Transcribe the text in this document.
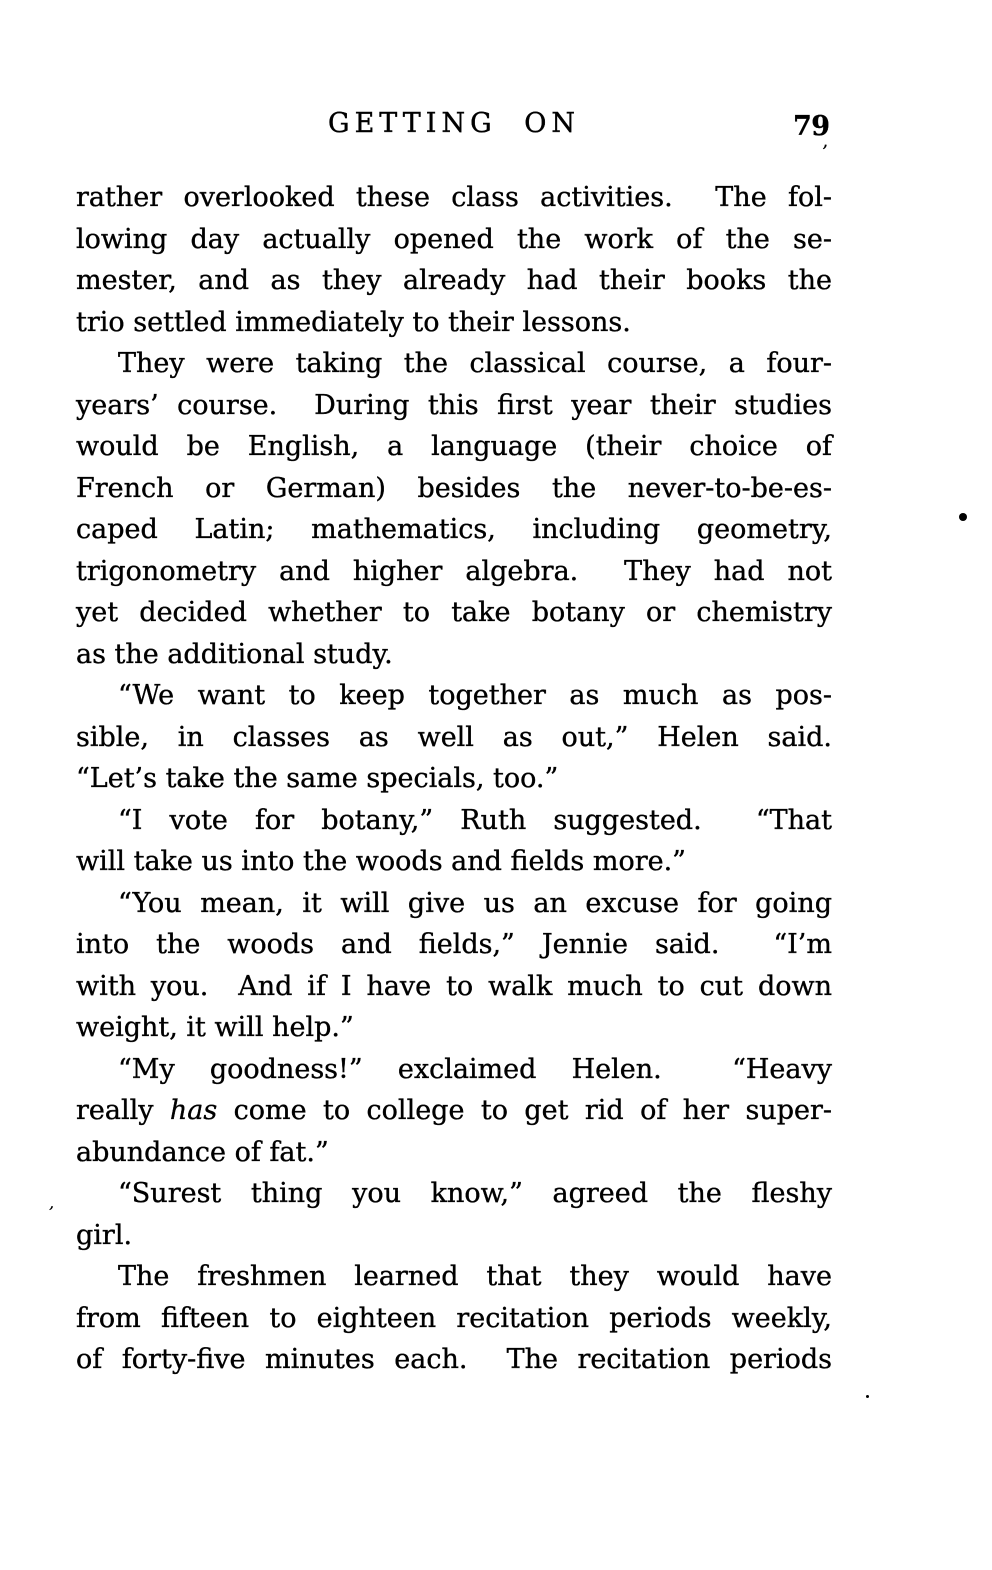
GETTING ON	79
’
rather overlooked these class activities.  The fol-
lowing day actually opened the work of the se-
mester, and as they already had their books the
trio settled immediately to their lessons.
They were taking the classical course, a four-
years’ course.  During this first year their studies
would be English, a language (their choice of
French or German) besides the never-to-be-es-
caped Latin; mathematics, including geometry,
trigonometry and higher algebra.  They had not
yet decided whether to take botany or chemistry
as the additional study.
“We want to keep together as much as pos-
sible, in classes as well as out,” Helen said.
“Let’s take the same specials, too.”
“I vote for botany,” Ruth suggested.  “That
will take us into the woods and fields more.”
“You mean, it will give us an excuse for going
into the woods and fields,” Jennie said.  “I’m
with you.  And if I have to walk much to cut down
weight, it will help.”
“My goodness!” exclaimed Helen.  “Heavy
really has come to college to get rid of her super-
abundance of fat.”
“Surest thing you know,” agreed the fleshy
girl.
The freshmen learned that they would have
from fifteen to eighteen recitation periods weekly,
of forty-five minutes each.  The recitation periods
’
